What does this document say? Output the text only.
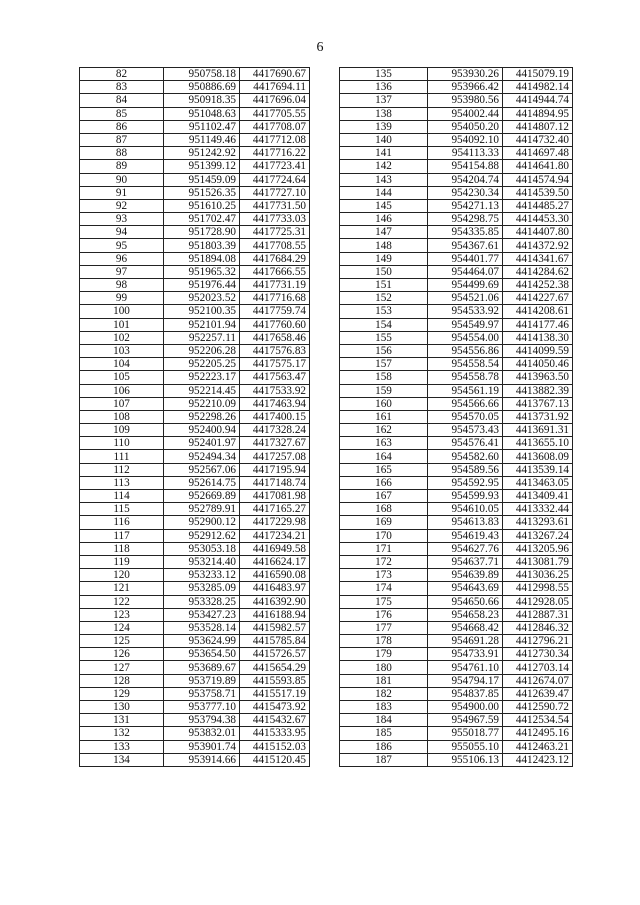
6
82	950758.18	4417690.67
83	950886.69	4417694.11
84	950918.35	4417696.04
85	951048.63	4417705.55
86	951102.47	4417708.07
87	951149.46	4417712.08
88	951242.92	4417716.22
89	951399.12	4417723.41
90	951459.09	4417724.64
91	951526.35	4417727.10
92	951610.25	4417731.50
93	951702.47	4417733.03
94	951728.90	4417725.31
95	951803.39	4417708.55
96	951894.08	4417684.29
97	951965.32	4417666.55
98	951976.44	4417731.19
99	952023.52	4417716.68
100	952100.35	4417759.74
101	952101.94	4417760.60
102	952257.11	4417658.46
103	952206.28	4417576.83
104	952205.25	4417575.17
105	952223.17	4417563.47
106	952214.45	4417533.92
107	952210.09	4417463.94
108	952298.26	4417400.15
109	952400.94	4417328.24
110	952401.97	4417327.67
111	952494.34	4417257.08
112	952567.06	4417195.94
113	952614.75	4417148.74
114	952669.89	4417081.98
115	952789.91	4417165.27
116	952900.12	4417229.98
117	952912.62	4417234.21
118	953053.18	4416949.58
119	953214.40	4416624.17
120	953233.12	4416590.08
121	953285.09	4416483.97
122	953328.25	4416392.90
123	953427.23	4416188.94
124	953528.14	4415982.57
125	953624.99	4415785.84
126	953654.50	4415726.57
127	953689.67	4415654.29
128	953719.89	4415593.85
129	953758.71	4415517.19
130	953777.10	4415473.92
131	953794.38	4415432.67
132	953832.01	4415333.95
133	953901.74	4415152.03
134	953914.66	4415120.45
135	953930.26	4415079.19
136	953966.42	4414982.14
137	953980.56	4414944.74
138	954002.44	4414894.95
139	954050.20	4414807.12
140	954092.10	4414732.40
141	954113.33	4414697.48
142	954154.88	4414641.80
143	954204.74	4414574.94
144	954230.34	4414539.50
145	954271.13	4414485.27
146	954298.75	4414453.30
147	954335.85	4414407.80
148	954367.61	4414372.92
149	954401.77	4414341.67
150	954464.07	4414284.62
151	954499.69	4414252.38
152	954521.06	4414227.67
153	954533.92	4414208.61
154	954549.97	4414177.46
155	954554.00	4414138.30
156	954556.86	4414099.59
157	954558.54	4414050.46
158	954558.78	4413963.50
159	954561.19	4413882.39
160	954566.66	4413767.13
161	954570.05	4413731.92
162	954573.43	4413691.31
163	954576.41	4413655.10
164	954582.60	4413608.09
165	954589.56	4413539.14
166	954592.95	4413463.05
167	954599.93	4413409.41
168	954610.05	4413332.44
169	954613.83	4413293.61
170	954619.43	4413267.24
171	954627.76	4413205.96
172	954637.71	4413081.79
173	954639.89	4413036.25
174	954643.69	4412998.55
175	954650.66	4412928.05
176	954658.23	4412887.31
177	954668.42	4412846.32
178	954691.28	4412796.21
179	954733.91	4412730.34
180	954761.10	4412703.14
181	954794.17	4412674.07
182	954837.85	4412639.47
183	954900.00	4412590.72
184	954967.59	4412534.54
185	955018.77	4412495.16
186	955055.10	4412463.21
187	955106.13	4412423.12
